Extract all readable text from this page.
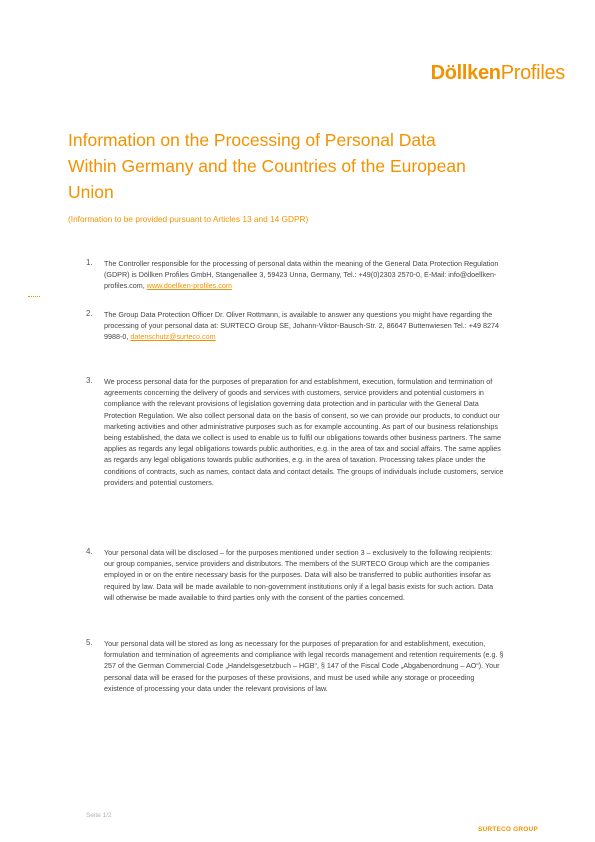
DöllkenProfiles
Information on the Processing of Personal Data
Within Germany and the Countries of the European
Union
(Information to be provided pursuant to Articles 13 and 14 GDPR)
1. The Controller responsible for the processing of personal data within the meaning of the General Data Protection Regulation (GDPR) is Döllken Profiles GmbH, Stangenallee 3, 59423 Unna, Germany, Tel.: +49(0)2303 2570-0, E-Mail: info@doellken-profiles.com, www.doellken-profiles.com
2. The Group Data Protection Officer Dr. Oliver Rottmann, is available to answer any questions you might have regarding the processing of your personal data at: SURTECO Group SE, Johann-Viktor-Bausch-Str. 2, 86647 Buttenwiesen Tel.: +49 8274 9988-0, datenschutz@surteco.com
3. We process personal data for the purposes of preparation for and establishment, execution, formulation and termination of agreements concerning the delivery of goods and services with customers, service providers and potential customers in compliance with the relevant provisions of legislation governing data protection and in particular with the General Data Protection Regulation. We also collect personal data on the basis of consent, so we can provide our products, to conduct our marketing activities and other administrative purposes such as for example accounting. As part of our business relationships being established, the data we collect is used to enable us to fulfil our obligations towards other business partners. The same applies as regards any legal obligations towards public authorities, e.g. in the area of tax and social affairs. The same applies as regards any legal obligations towards public authorities, e.g. in the area of taxation. Processing takes place under the conditions of contracts, such as names, contact data and contact details. The groups of individuals include customers, service providers and potential customers.
4. Your personal data will be disclosed – for the purposes mentioned under section 3 – exclusively to the following recipients: our group companies, service providers and distributors. The members of the SURTECO Group which are the companies employed in or on the entire necessary basis for the purposes. Data will also be transferred to public authorities insofar as required by law. Data will be made available to non-government institutions only if a legal basis exists for such action. Data will otherwise be made available to third parties only with the consent of the parties concerned.
5. Your personal data will be stored as long as necessary for the purposes of preparation for and establishment, execution, formulation and termination of agreements and compliance with legal records management and retention requirements (e.g. § 257 of the German Commercial Code „Handelsgesetzbuch – HGB“, § 147 of the Fiscal Code „Abgabenordnung – AO“). Your personal data will be erased for the purposes of these provisions, and must be used while any storage or proceeding existence of processing your data under the relevant provisions of law.
SURTECO GROUP
Seite 1/2
